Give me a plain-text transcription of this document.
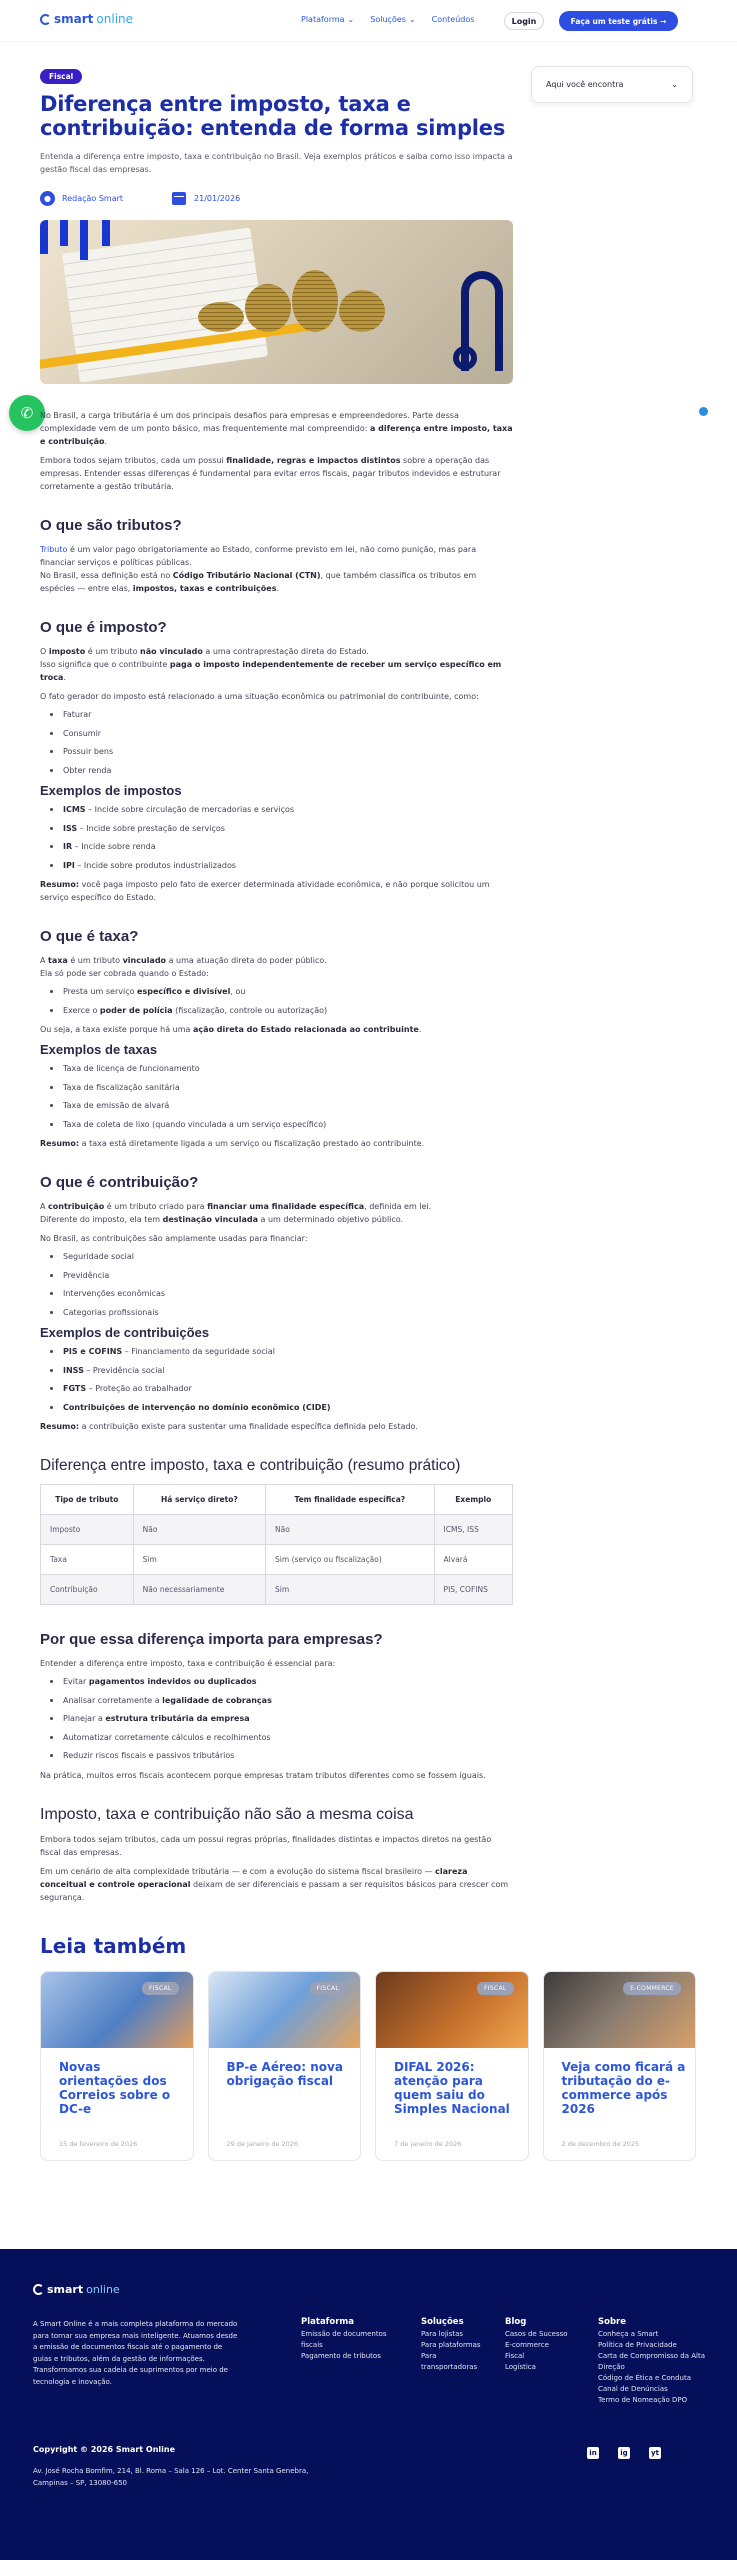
smart online	Plataforma ⌄ Soluções ⌄ Conteúdos	Login	Faça um teste grátis →
✆
Aqui você encontra	⌄
Fiscal
Diferença entre imposto, taxa e contribuição: entenda de forma simples

Entenda a diferença entre imposto, taxa e contribuição no Brasil. Veja exemplos práticos e saiba como isso impacta a gestão fiscal das empresas.

●	Redação Smart	21/01/2026

No Brasil, a carga tributária é um dos principais desafios para empresas e empreendedores. Parte dessa complexidade vem de um ponto básico, mas frequentemente mal compreendido: a diferença entre imposto, taxa e contribuição.

Embora todos sejam tributos, cada um possui finalidade, regras e impactos distintos sobre a operação das empresas. Entender essas diferenças é fundamental para evitar erros fiscais, pagar tributos indevidos e estruturar corretamente a gestão tributária.

O que são tributos?

Tributo é um valor pago obrigatoriamente ao Estado, conforme previsto em lei, não como punição, mas para financiar serviços e políticas públicas.

No Brasil, essa definição está no Código Tributário Nacional (CTN), que também classifica os tributos em espécies — entre elas, impostos, taxas e contribuições.

O que é imposto?

O imposto é um tributo não vinculado a uma contraprestação direta do Estado.

Isso significa que o contribuinte paga o imposto independentemente de receber um serviço específico em troca.

O fato gerador do imposto está relacionado a uma situação econômica ou patrimonial do contribuinte, como:

Faturar
Consumir
Possuir bens
Obter renda
Exemplos de impostos
ICMS – Incide sobre circulação de mercadorias e serviços
ISS – Incide sobre prestação de serviços
IR – Incide sobre renda
IPI – Incide sobre produtos industrializados

Resumo: você paga imposto pelo fato de exercer determinada atividade econômica, e não porque solicitou um serviço específico do Estado.

O que é taxa?

A taxa é um tributo vinculado a uma atuação direta do poder público.

Ela só pode ser cobrada quando o Estado:

Presta um serviço específico e divisível, ou
Exerce o poder de polícia (fiscalização, controle ou autorização)

Ou seja, a taxa existe porque há uma ação direta do Estado relacionada ao contribuinte.

Exemplos de taxas
Taxa de licença de funcionamento
Taxa de fiscalização sanitária
Taxa de emissão de alvará
Taxa de coleta de lixo (quando vinculada a um serviço específico)

Resumo: a taxa está diretamente ligada a um serviço ou fiscalização prestado ao contribuinte.

O que é contribuição?

A contribuição é um tributo criado para financiar uma finalidade específica, definida em lei.

Diferente do imposto, ela tem destinação vinculada a um determinado objetivo público.

No Brasil, as contribuições são amplamente usadas para financiar:

Seguridade social
Previdência
Intervenções econômicas
Categorias profissionais
Exemplos de contribuições
PIS e COFINS – Financiamento da seguridade social
INSS – Previdência social
FGTS – Proteção ao trabalhador
Contribuições de intervenção no domínio econômico (CIDE)

Resumo: a contribuição existe para sustentar uma finalidade específica definida pelo Estado.

Diferença entre imposto, taxa e contribuição (resumo prático)
Tipo de tributo	Há serviço direto?	Tem finalidade específica?	Exemplo
Imposto	Não	Não	ICMS, ISS
Taxa	Sim	Sim (serviço ou fiscalização)	Alvará
Contribuição	Não necessariamente	Sim	PIS, COFINS
Por que essa diferença importa para empresas?

Entender a diferença entre imposto, taxa e contribuição é essencial para:

Evitar pagamentos indevidos ou duplicados
Analisar corretamente a legalidade de cobranças
Planejar a estrutura tributária da empresa
Automatizar corretamente cálculos e recolhimentos
Reduzir riscos fiscais e passivos tributários

Na prática, muitos erros fiscais acontecem porque empresas tratam tributos diferentes como se fossem iguais.

Imposto, taxa e contribuição não são a mesma coisa

Embora todos sejam tributos, cada um possui regras próprias, finalidades distintas e impactos diretos na gestão fiscal das empresas.

Em um cenário de alta complexidade tributária — e com a evolução do sistema fiscal brasileiro — clareza conceitual e controle operacional deixam de ser diferenciais e passam a ser requisitos básicos para crescer com segurança.

Leia também
FISCAL
Novas orientações dos Correios sobre o DC-e
15 de fevereiro de 2026
FISCAL
BP-e Aéreo: nova obrigação fiscal
29 de janeiro de 2026
FISCAL
DIFAL 2026: atenção para quem saiu do Simples Nacional
7 de janeiro de 2026
E-COMMERCE
Veja como ficará a tributação do e-commerce após 2026
2 de dezembro de 2025
smart online

A Smart Online é a mais completa plataforma do mercado para tornar sua empresa mais inteligente. Atuamos desde a emissão de documentos fiscais até o pagamento de guias e tributos, além da gestão de informações. Transformamos sua cadeia de suprimentos por meio de tecnologia e inovação.

Plataforma
Emissão de documentos fiscais
Pagamento de tributos
Soluções
Para lojistas
Para plataformas
Para transportadoras
Blog
Casos de Sucesso
E-commerce
Fiscal
Logística
Sobre
Conheça a Smart
Política de Privacidade
Carta de Compromisso da Alta Direção
Código de Ética e Conduta
Canal de Denúncias
Termo de Nomeação DPO
Copyright © 2026 Smart Online
Av. José Rocha Bomfim, 214, Bl. Roma – Sala 126 – Lot. Center Santa Genebra, Campinas – SP, 13080-650
in	ig	yt
